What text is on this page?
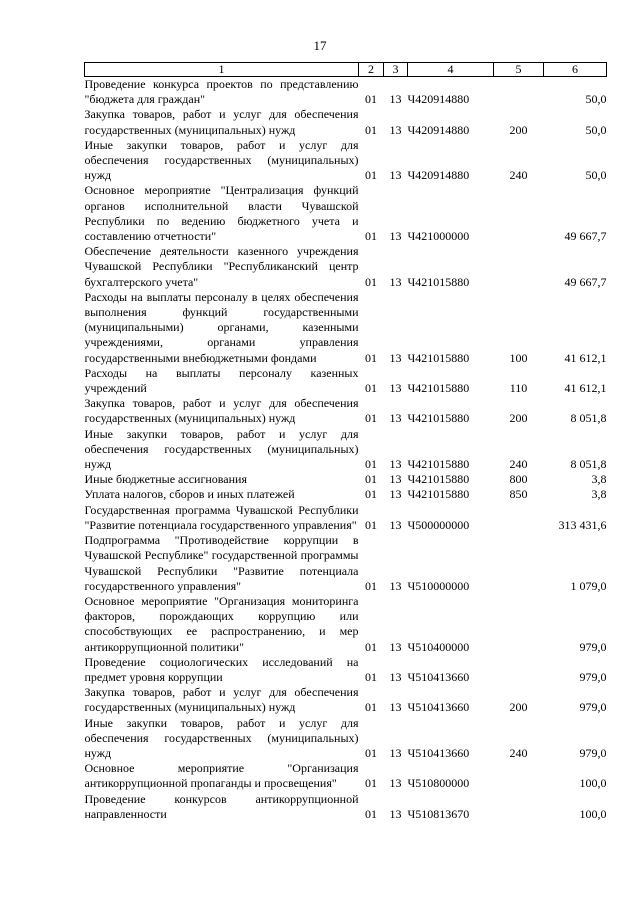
17
1	2	3	4	5	6
Проведение конкурса проектов по представлению "бюджета для граждан"	01	13	Ч420914880		50,0
Закупка товаров, работ и услуг для обеспечения государственных (муниципальных) нужд	01	13	Ч420914880	200	50,0
Иные закупки товаров, работ и услуг для обеспечения государственных (муниципальных) нужд	01	13	Ч420914880	240	50,0
Основное мероприятие "Централизация функций органов исполнительной власти Чувашской Республики по ведению бюджетного учета и составлению отчетности"	01	13	Ч421000000		49 667,7
Обеспечение деятельности казенного учреждения Чувашской Республики "Республиканский центр бухгалтерского учета"	01	13	Ч421015880		49 667,7
Расходы на выплаты персоналу в целях обеспечения выполнения функций государственными (муниципальными) органами, казенными учреждениями, органами управления государственными внебюджетными фондами	01	13	Ч421015880	100	41 612,1
Расходы на выплаты персоналу казенных учреждений	01	13	Ч421015880	110	41 612,1
Закупка товаров, работ и услуг для обеспечения государственных (муниципальных) нужд	01	13	Ч421015880	200	8 051,8
Иные закупки товаров, работ и услуг для обеспечения государственных (муниципальных) нужд	01	13	Ч421015880	240	8 051,8
Иные бюджетные ассигнования	01	13	Ч421015880	800	3,8
Уплата налогов, сборов и иных платежей	01	13	Ч421015880	850	3,8
Государственная программа Чувашской Республики "Развитие потенциала государственного управления"	01	13	Ч500000000		313 431,6
Подпрограмма "Противодействие коррупции в Чувашской Республике" государственной программы Чувашской Республики "Развитие потенциала государственного управления"	01	13	Ч510000000		1 079,0
Основное мероприятие "Организация мониторинга факторов, порождающих коррупцию или способствующих ее распространению, и мер антикоррупционной политики"	01	13	Ч510400000		979,0
Проведение социологических исследований на предмет уровня коррупции	01	13	Ч510413660		979,0
Закупка товаров, работ и услуг для обеспечения государственных (муниципальных) нужд	01	13	Ч510413660	200	979,0
Иные закупки товаров, работ и услуг для обеспечения государственных (муниципальных) нужд	01	13	Ч510413660	240	979,0
Основное мероприятие "Организация антикоррупционной пропаганды и просвещения"	01	13	Ч510800000		100,0
Проведение конкурсов антикоррупционной направленности	01	13	Ч510813670		100,0
